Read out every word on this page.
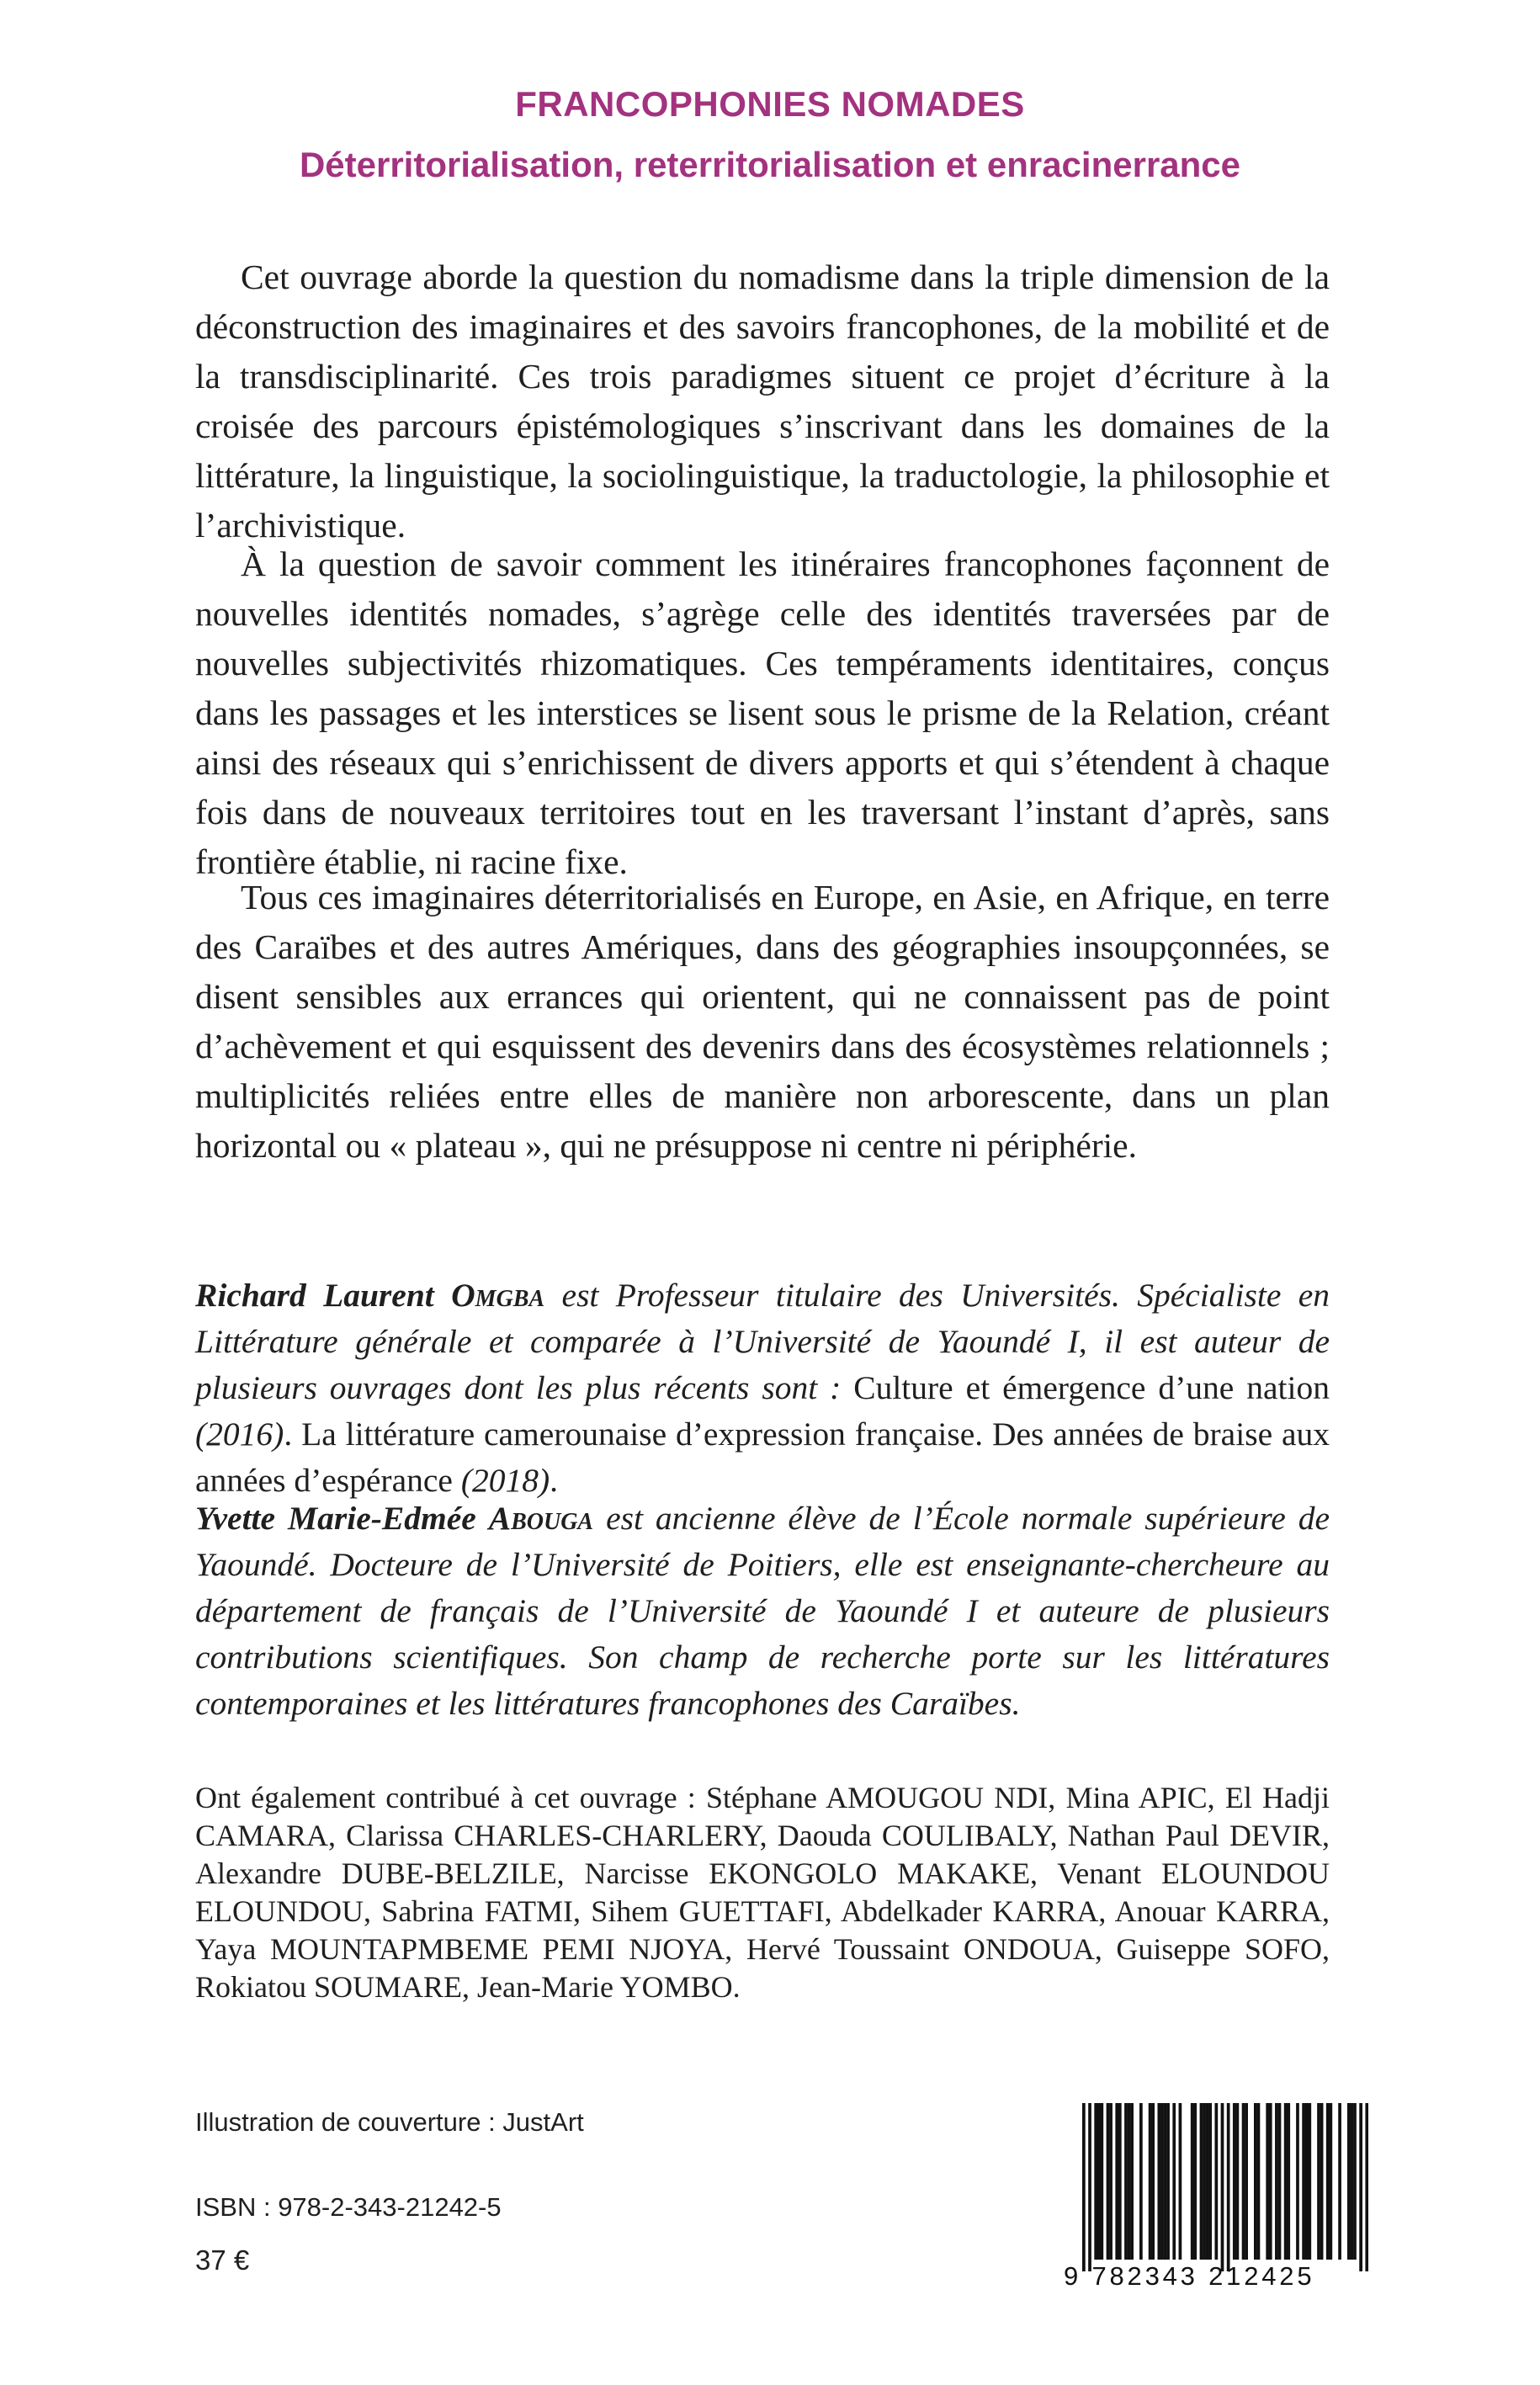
FRANCOPHONIES NOMADES
Déterritorialisation, reterritorialisation et enracinerrance

Cet ouvrage aborde la question du nomadisme dans la triple dimension de la déconstruction des imaginaires et des savoirs francophones, de la mobilité et de la transdisciplinarité. Ces trois paradigmes situent ce projet d’écriture à la croisée des parcours épistémologiques s’inscrivant dans les domaines de la littérature, la linguistique, la sociolinguistique, la traductologie, la philosophie et l’archivistique.

À la question de savoir comment les itinéraires francophones façonnent de nouvelles identités nomades, s’agrège celle des identités traversées par de nouvelles subjectivités rhizomatiques. Ces tempéraments identitaires, conçus dans les passages et les interstices se lisent sous le prisme de la Relation, créant ainsi des réseaux qui s’enrichissent de divers apports et qui s’étendent à chaque fois dans de nouveaux territoires tout en les traversant l’instant d’après, sans frontière établie, ni racine fixe.

Tous ces imaginaires déterritorialisés en Europe, en Asie, en Afrique, en terre des Caraïbes et des autres Amériques, dans des géographies insoupçonnées, se disent sensibles aux errances qui orientent, qui ne connaissent pas de point d’achèvement et qui esquissent des devenirs dans des écosystèmes relationnels ; multiplicités reliées entre elles de manière non arborescente, dans un plan horizontal ou « plateau », qui ne présuppose ni centre ni périphérie.

Richard Laurent Omgba est Professeur titulaire des Universités. Spécialiste en Littérature générale et comparée à l’Université de Yaoundé I, il est auteur de plusieurs ouvrages dont les plus récents sont : Culture et émergence d’une nation (2016). La littérature camerounaise d’expression française. Des années de braise aux années d’espérance (2018).
Yvette Marie-Edmée Abouga est ancienne élève de l’École normale supérieure de Yaoundé. Docteure de l’Université de Poitiers, elle est enseignante-chercheure au département de français de l’Université de Yaoundé I et auteure de plusieurs contributions scientifiques. Son champ de recherche porte sur les littératures contemporaines et les littératures francophones des Caraïbes.
Ont également contribué à cet ouvrage : Stéphane AMOUGOU NDI, Mina APIC, El Hadji CAMARA, Clarissa CHARLES-CHARLERY, Daouda COULIBALY, Nathan Paul DEVIR, Alexandre DUBE-BELZILE, Narcisse EKONGOLO MAKAKE, Venant ELOUNDOU ELOUNDOU, Sabrina FATMI, Sihem GUETTAFI, Abdelkader KARRA, Anouar KARRA, Yaya MOUNTAPMBEME PEMI NJOYA, Hervé Toussaint ONDOUA, Guiseppe SOFO, Rokiatou SOUMARE, Jean-Marie YOMBO.
Illustration de couverture : JustArt
ISBN : 978-2-343-21242-5
37 €
9 782343 212425
